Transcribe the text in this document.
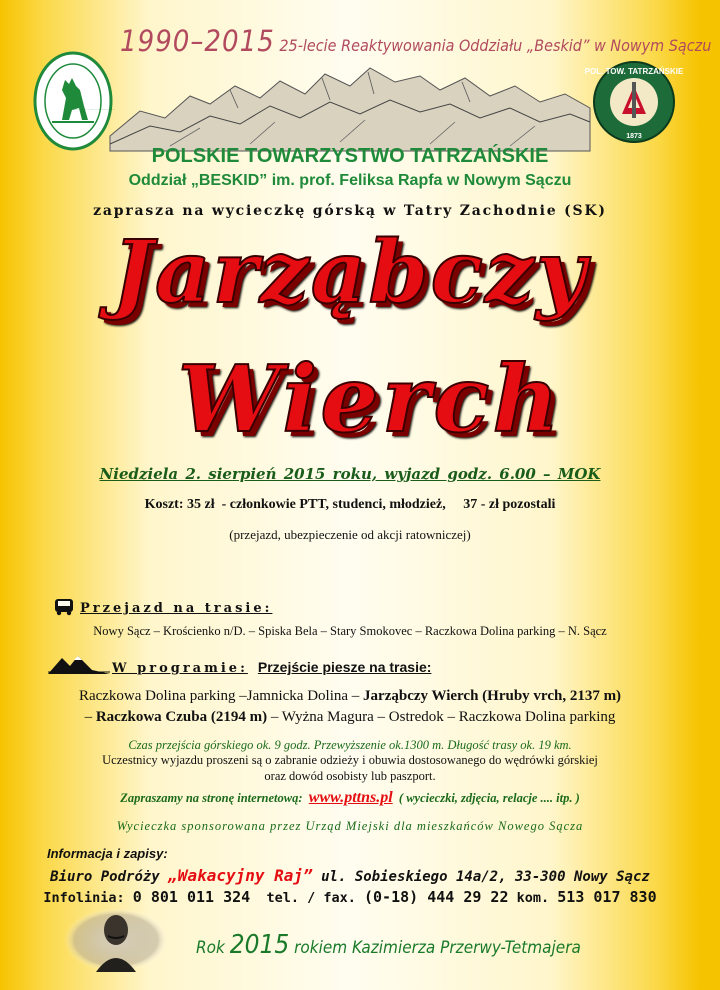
1990–2015 25-lecie Reaktywowania Oddziału „Beskid” w Nowym Sączu
POLSKIE TOWARZYSTWO TATRZAŃSKIE • ODDZIAŁ NOWOSĄDECKI • "BESKID"
POL. TOW. TATRZAŃSKIE
1873
POLSKIE TOWARZYSTWO TATRZAŃSKIE
Oddział „BESKID” im. prof. Feliksa Rapfa w Nowym Sączu
zaprasza na wycieczkę górską w Tatry Zachodnie (SK)
Jarząbczy
Wierch
Niedziela 2. sierpień 2015 roku, wyjazd godz. 6.00 – MOK
Koszt: 35 zł  - członkowie PTT, studenci, młodzież,     37 - zł pozostali
(przejazd, ubezpieczenie od akcji ratowniczej)
Przejazd na trasie:
Nowy Sącz – Krościenko n/D. – Spiska Bela – Stary Smokovec – Raczkowa Dolina parking – N. Sącz
W programie: Przejście piesze na trasie:
Raczkowa Dolina parking –Jamnicka Dolina – Jarząbczy Wierch (Hruby vrch, 2137 m)
– Raczkowa Czuba (2194 m) – Wyżna Magura – Ostredok – Raczkowa Dolina parking
Czas przejścia górskiego ok. 9 godz. Przewyższenie ok.1300 m. Długość trasy ok. 19 km.
Uczestnicy wyjazdu proszeni są o zabranie odzieży i obuwia dostosowanego do wędrówki górskiej
oraz dowód osobisty lub paszport.
Zapraszamy na stronę internetową:  www.pttns.pl  ( wycieczki, zdjęcia, relacje .... itp. )
Wycieczka sponsorowana przez Urząd Miejski dla mieszkańców Nowego Sącza
Informacja i zapisy:
Biuro Podróży „Wakacyjny Raj” ul. Sobieskiego 14a/2, 33-300 Nowy Sącz
Infolinia: 0 801 011 324  tel. / fax. (0-18) 444 29 22 kom. 513 017 830
Rok 2015 rokiem Kazimierza Przerwy-Tetmajera
